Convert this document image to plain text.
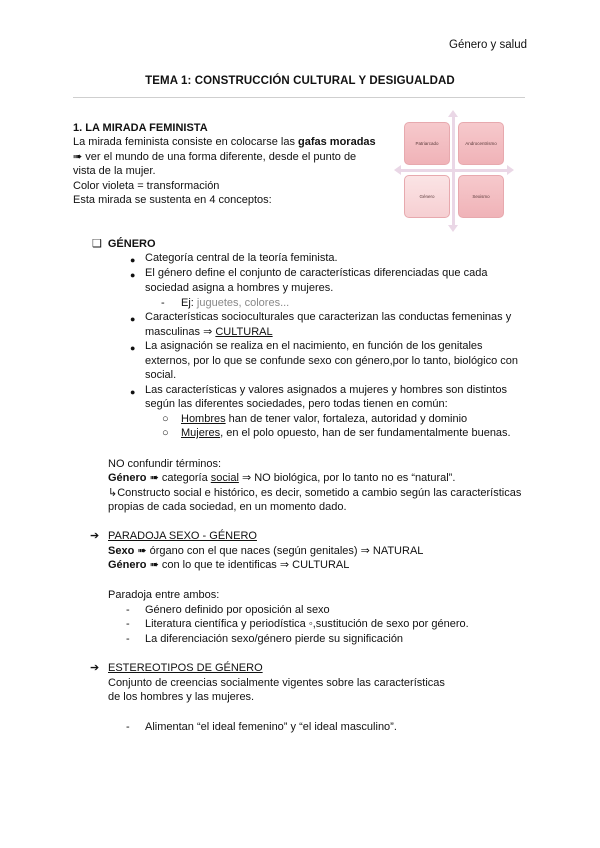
Género y salud
TEMA 1: CONSTRUCCIÓN CULTURAL Y DESIGUALDAD
1. LA MIRADA FEMINISTA
La mirada feminista consiste en colocarse las gafas moradas
➠ ver el mundo de una forma diferente, desde el punto de
vista de la mujer.
Color violeta = transformación
Esta mirada se sustenta en 4 conceptos:
Patriarcado	Androcentrismo
Género	Sexismo
❑ GÉNERO
● Categoría central de la teoría feminista.
● El género define el conjunto de características diferenciadas que cada
sociedad asigna a hombres y mujeres.
- Ej: juguetes, colores...
● Características socioculturales que caracterizan las conductas femeninas y
masculinas ⇒ CULTURAL
● La asignación se realiza en el nacimiento, en función de los genitales
externos, por lo que se confunde sexo con género,por lo tanto, biológico con
social.
● Las características y valores asignados a mujeres y hombres son distintos
según las diferentes sociedades, pero todas tienen en común:
○ Hombres han de tener valor, fortaleza, autoridad y dominio
○ Mujeres, en el polo opuesto, han de ser fundamentalmente buenas.
NO confundir términos:
Género ➠ categoría social ⇒ NO biológica, por lo tanto no es “natural”.
↳Constructo social e histórico, es decir, sometido a cambio según las características
propias de cada sociedad, en un momento dado.
➔ PARADOJA SEXO - GÉNERO
Sexo ➠ órgano con el que naces (según genitales) ⇒ NATURAL
Género ➠ con lo que te identificas ⇒ CULTURAL
Paradoja entre ambos:
- Género definido por oposición al sexo
- Literatura científica y periodística ◦,sustitución de sexo por género.
- La diferenciación sexo/género pierde su significación
➔ ESTEREOTIPOS DE GÉNERO
Conjunto de creencias socialmente vigentes sobre las características
de los hombres y las mujeres.
- Alimentan “el ideal femenino” y “el ideal masculino”.
